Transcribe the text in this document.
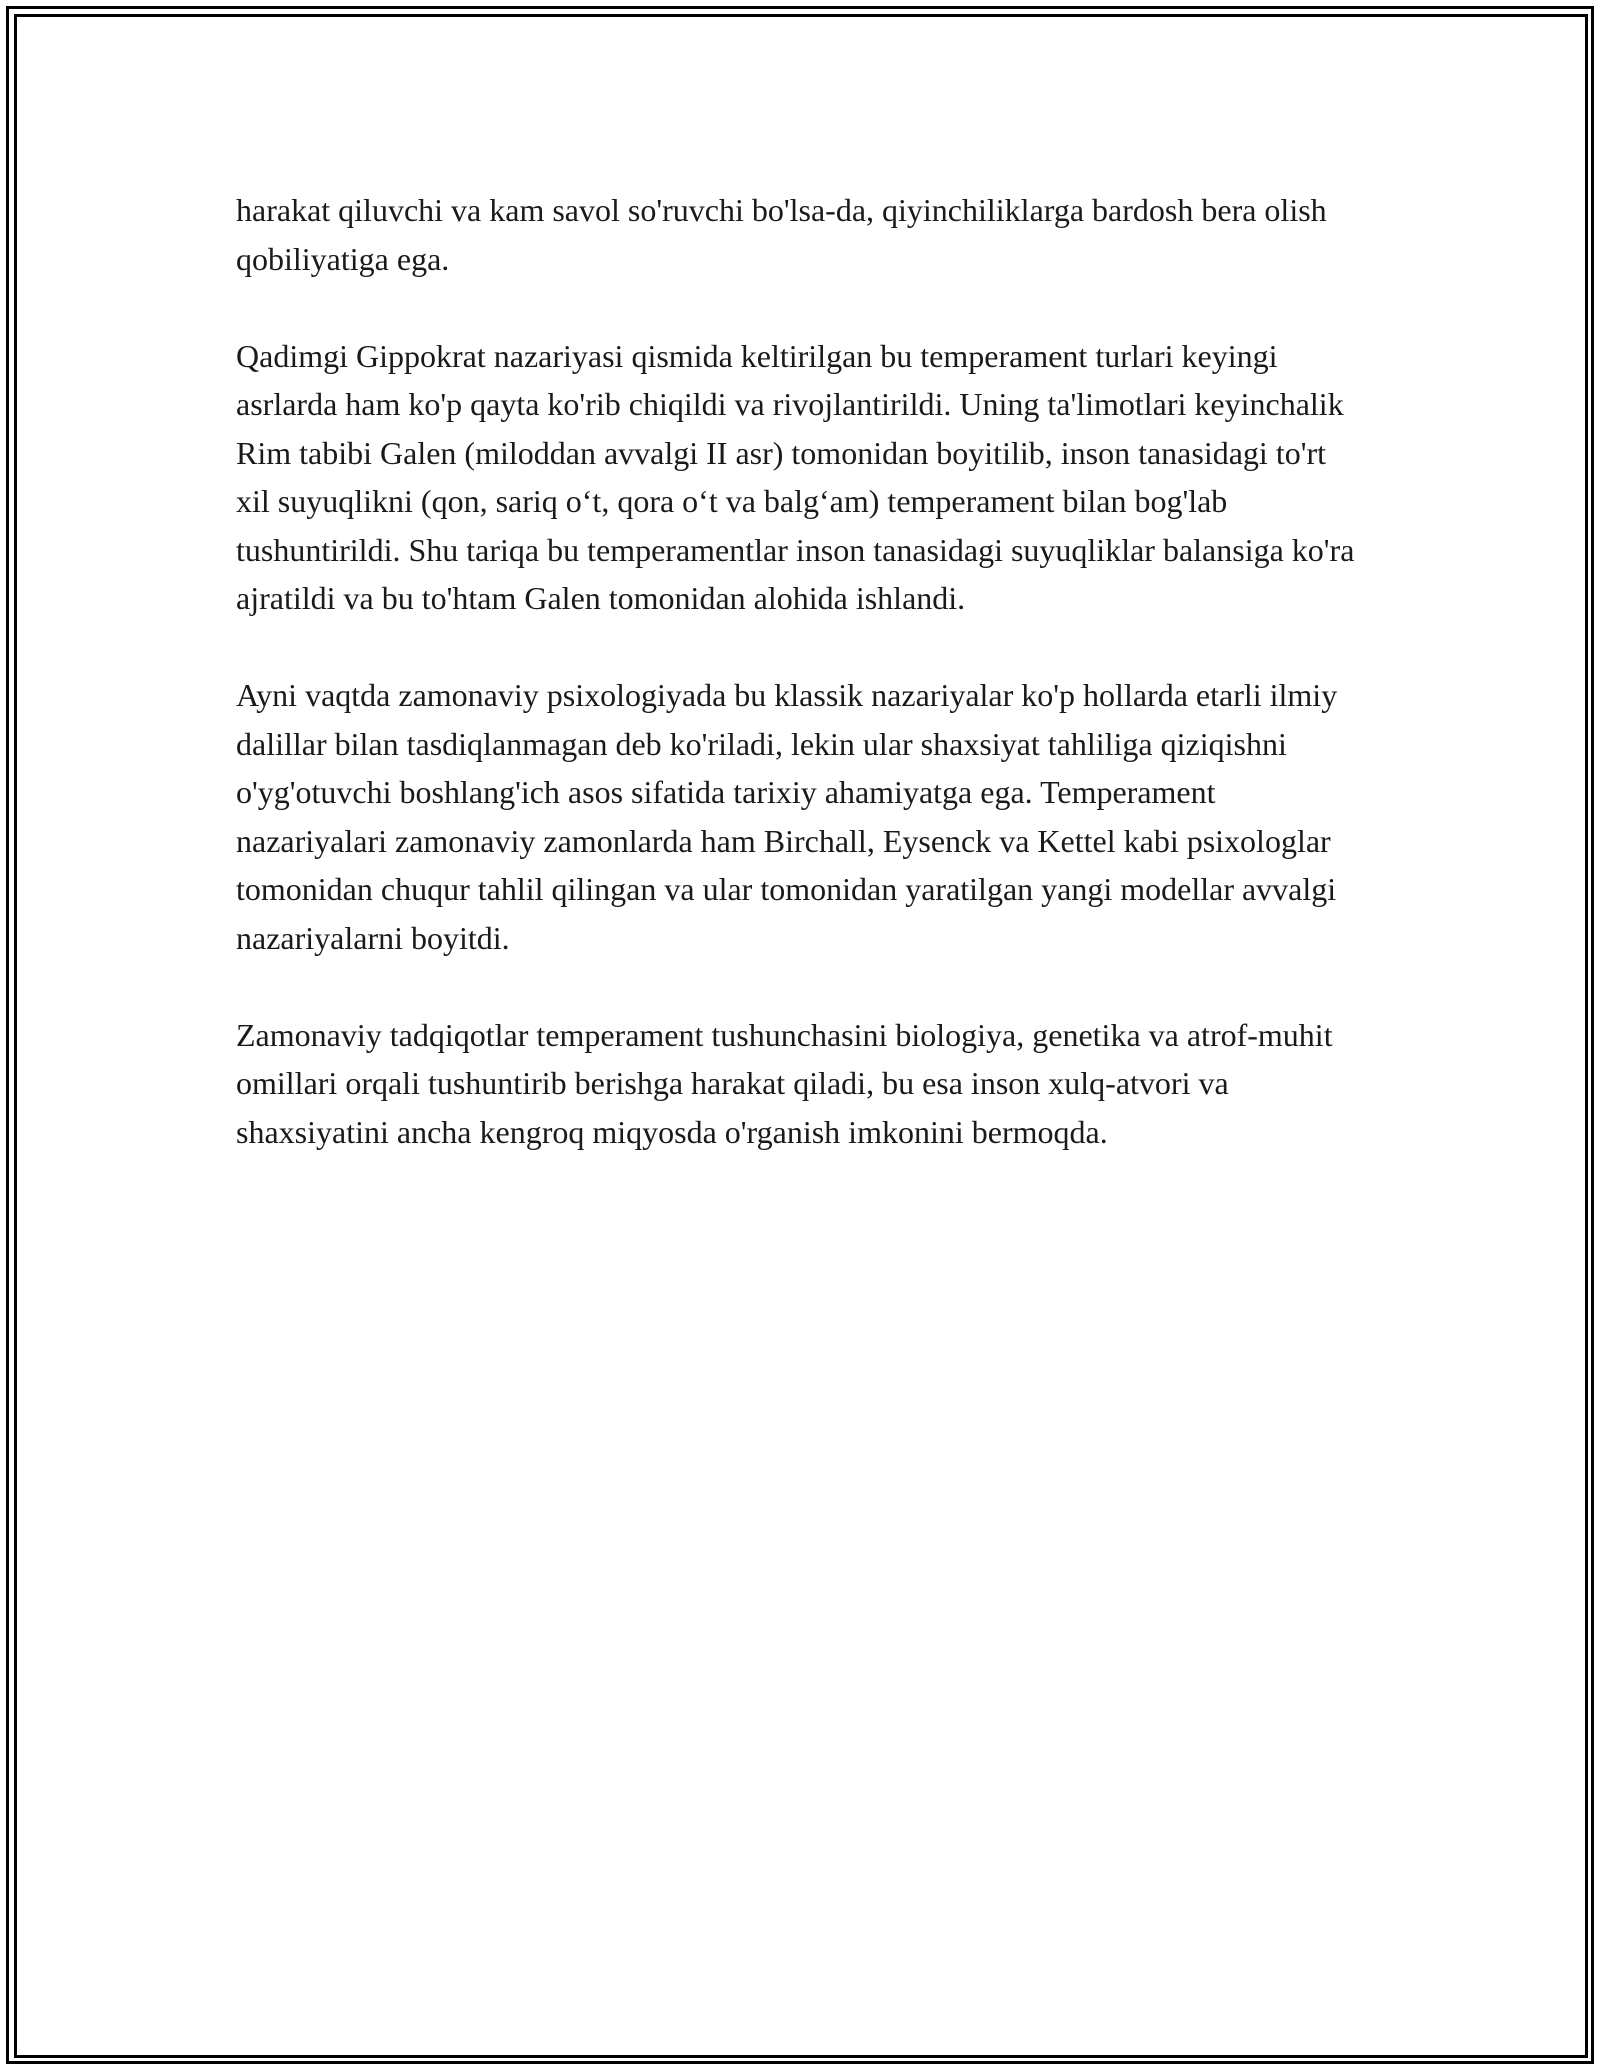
harakat qiluvchi va kam savol so'ruvchi bo'lsa-da, qiyinchiliklarga bardosh bera olish qobiliyatiga ega.

Qadimgi Gippokrat nazariyasi qismida keltirilgan bu temperament turlari keyingi asrlarda ham ko'p qayta ko'rib chiqildi va rivojlantirildi. Uning ta'limotlari keyinchalik Rim tabibi Galen (miloddan avvalgi II asr) tomonidan boyitilib, inson tanasidagi to'rt xil suyuqlikni (qon, sariq o‘t, qora o‘t va balg‘am) temperament bilan bog'lab tushuntirildi. Shu tariqa bu temperamentlar inson tanasidagi suyuqliklar balansiga ko'ra ajratildi va bu to'htam Galen tomonidan alohida ishlandi.

Ayni vaqtda zamonaviy psixologiyada bu klassik nazariyalar ko'p hollarda etarli ilmiy dalillar bilan tasdiqlanmagan deb ko'riladi, lekin ular shaxsiyat tahliliga qiziqishni o'yg'otuvchi boshlang'ich asos sifatida tarixiy ahamiyatga ega. Temperament nazariyalari zamonaviy zamonlarda ham Birchall, Eysenck va Kettel kabi psixologlar tomonidan chuqur tahlil qilingan va ular tomonidan yaratilgan yangi modellar avvalgi nazariyalarni boyitdi.

Zamonaviy tadqiqotlar temperament tushunchasini biologiya, genetika va atrof-muhit omillari orqali tushuntirib berishga harakat qiladi, bu esa inson xulq-atvori va shaxsiyatini ancha kengroq miqyosda o'rganish imkonini bermoqda.
